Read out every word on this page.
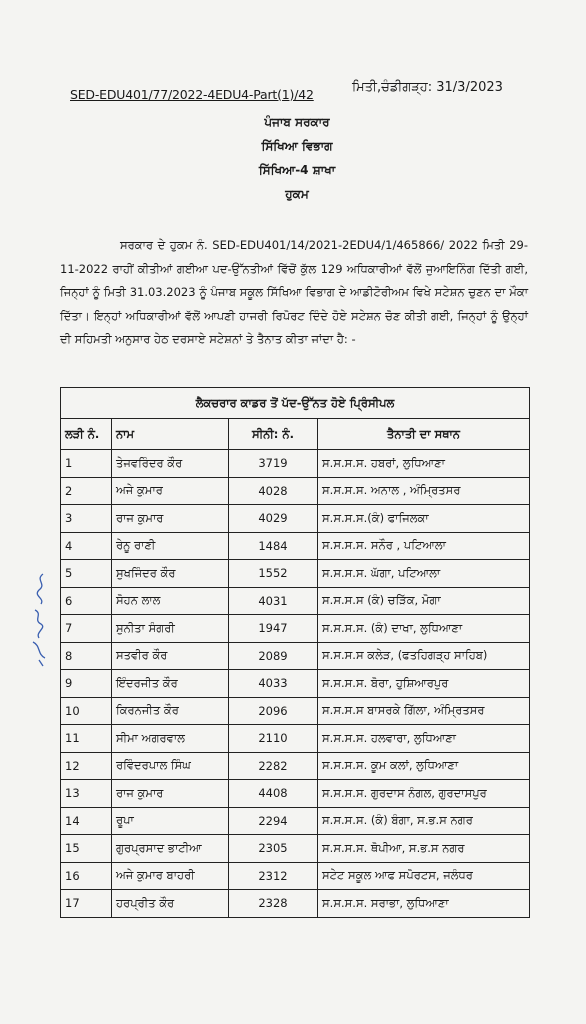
SED-EDU401/77/2022-4EDU4-Part(1)/42	ਮਿਤੀ,ਚੰਡੀਗੜ੍ਹ: 31/3/2023
ਪੰਜਾਬ ਸਰਕਾਰ
ਸਿੱਖਿਆ ਵਿਭਾਗ
ਸਿੱਖਿਆ-4 ਸ਼ਾਖਾ
ਹੁਕਮ
ਸਰਕਾਰ ਦੇ ਹੁਕਮ ਨੰ. SED-EDU401/14/2021-2EDU4/1/465866/ 2022 ਮਿਤੀ 29-11-2022 ਰਾਹੀਂ ਕੀਤੀਆਂ ਗਈਆ ਪਦ-ਉੱਨਤੀਆਂ ਵਿੱਚੋਂ ਕੁੱਲ 129 ਅਧਿਕਾਰੀਆਂ ਵੱਲੋਂ ਜੁਆਇਨਿੰਗ ਦਿੱਤੀ ਗਈ, ਜਿਨ੍ਹਾਂ ਨੂੰ ਮਿਤੀ 31.03.2023 ਨੂੰ ਪੰਜਾਬ ਸਕੂਲ ਸਿੱਖਿਆ ਵਿਭਾਗ ਦੇ ਆਡੀਟੋਰੀਅਮ ਵਿਖੇ ਸਟੇਸ਼ਨ ਚੁਣਨ ਦਾ ਮੌਕਾ ਦਿੱਤਾ। ਇਨ੍ਹਾਂ ਅਧਿਕਾਰੀਆਂ ਵੱਲੋਂ ਆਪਣੀ ਹਾਜਰੀ ਰਿਪੋਰਟ ਦਿੰਦੇ ਹੋਏ ਸਟੇਸ਼ਨ ਚੋਣ ਕੀਤੀ ਗਈ, ਜਿਨ੍ਹਾਂ ਨੂੰ ਉਨ੍ਹਾਂ ਦੀ ਸਹਿਮਤੀ ਅਨੁਸਾਰ ਹੇਠ ਦਰਸਾਏ ਸਟੇਸ਼ਨਾਂ ਤੇ ਤੈਨਾਤ ਕੀਤਾ ਜਾਂਦਾ ਹੈ: -
ਲੈਕਚਰਾਰ ਕਾਡਰ ਤੋਂ ਪੱਦ-ਉੱਨਤ ਹੋਏ ਪ੍ਰਿੰਸੀਪਲ			
ਲੜੀ ਨੰ.	ਨਾਮ	ਸੀਨੀ: ਨੰ.	ਤੈਨਾਤੀ ਦਾ ਸਥਾਨ
1	ਤੇਜਵਰਿੰਦਰ ਕੌਰ	3719	ਸ.ਸ.ਸ.ਸ. ਹਬਰਾਂ, ਲੁਧਿਆਣਾ
2	ਅਜੇ ਕੁਮਾਰ	4028	ਸ.ਸ.ਸ.ਸ. ਅਨਾਲ , ਅੰਮ੍ਰਿਤਸਰ
3	ਰਾਜ ਕੁਮਾਰ	4029	ਸ.ਸ.ਸ.ਸ.(ਕੰ) ਫਾਜਿਲਕਾ
4	ਰੇਨੂ ਰਾਣੀ	1484	ਸ.ਸ.ਸ.ਸ. ਸਨੌਰ , ਪਟਿਆਲਾ
5	ਸੁਖਜਿੰਦਰ ਕੌਰ	1552	ਸ.ਸ.ਸ.ਸ. ਘੱਗਾ, ਪਟਿਆਲਾ
6	ਸੋਹਨ ਲਾਲ	4031	ਸ.ਸ.ਸ.ਸ (ਕੰ) ਚੜਿੱਕ, ਮੋਗਾ
7	ਸੁਨੀਤਾ ਸੰਗਰੀ	1947	ਸ.ਸ.ਸ.ਸ. (ਕੰ) ਦਾਖਾ, ਲੁਧਿਆਣਾ
8	ਸਤਵੀਰ ਕੌਰ	2089	ਸ.ਸ.ਸ.ਸ ਕਲੇੜ, (ਫਤਹਿਗੜ੍ਹ ਸਾਹਿਬ)
9	ਇੰਦਰਜੀਤ ਕੌਰ	4033	ਸ.ਸ.ਸ.ਸ. ਬੋਰਾ, ਹੁਸ਼ਿਆਰਪੁਰ
10	ਕਿਰਨਜੀਤ ਕੌਰ	2096	ਸ.ਸ.ਸ.ਸ ਬਾਸਰਕੇ ਗਿੱਲਾ, ਅੰਮ੍ਰਿਤਸਰ
11	ਸੀਮਾ ਅਗਰਵਾਲ	2110	ਸ.ਸ.ਸ.ਸ. ਹਲਵਾਰਾ, ਲੁਧਿਆਣਾ
12	ਰਵਿੰਦਰਪਾਲ ਸਿੰਘ	2282	ਸ.ਸ.ਸ.ਸ. ਕੂਮ ਕਲਾਂ, ਲੁਧਿਆਣਾ
13	ਰਾਜ ਕੁਮਾਰ	4408	ਸ.ਸ.ਸ.ਸ. ਗੁਰਦਾਸ ਨੰਗਲ, ਗੁਰਦਾਸਪੁਰ
14	ਰੂਪਾ	2294	ਸ.ਸ.ਸ.ਸ. (ਕੰ) ਬੰਗਾ, ਸ.ਭ.ਸ ਨਗਰ
15	ਗੁਰਪ੍ਰਸਾਦ ਭਾਟੀਆ	2305	ਸ.ਸ.ਸ.ਸ. ਥੋਪੀਆ, ਸ.ਭ.ਸ ਨਗਰ
16	ਅਜੇ ਕੁਮਾਰ ਬਾਹਰੀ	2312	ਸਟੇਟ ਸਕੂਲ ਆਫ ਸਪੋਰਟਸ, ਜਲੰਧਰ
17	ਹਰਪ੍ਰੀਤ ਕੌਰ	2328	ਸ.ਸ.ਸ.ਸ. ਸਰਾਭਾ, ਲੁਧਿਆਣਾ
